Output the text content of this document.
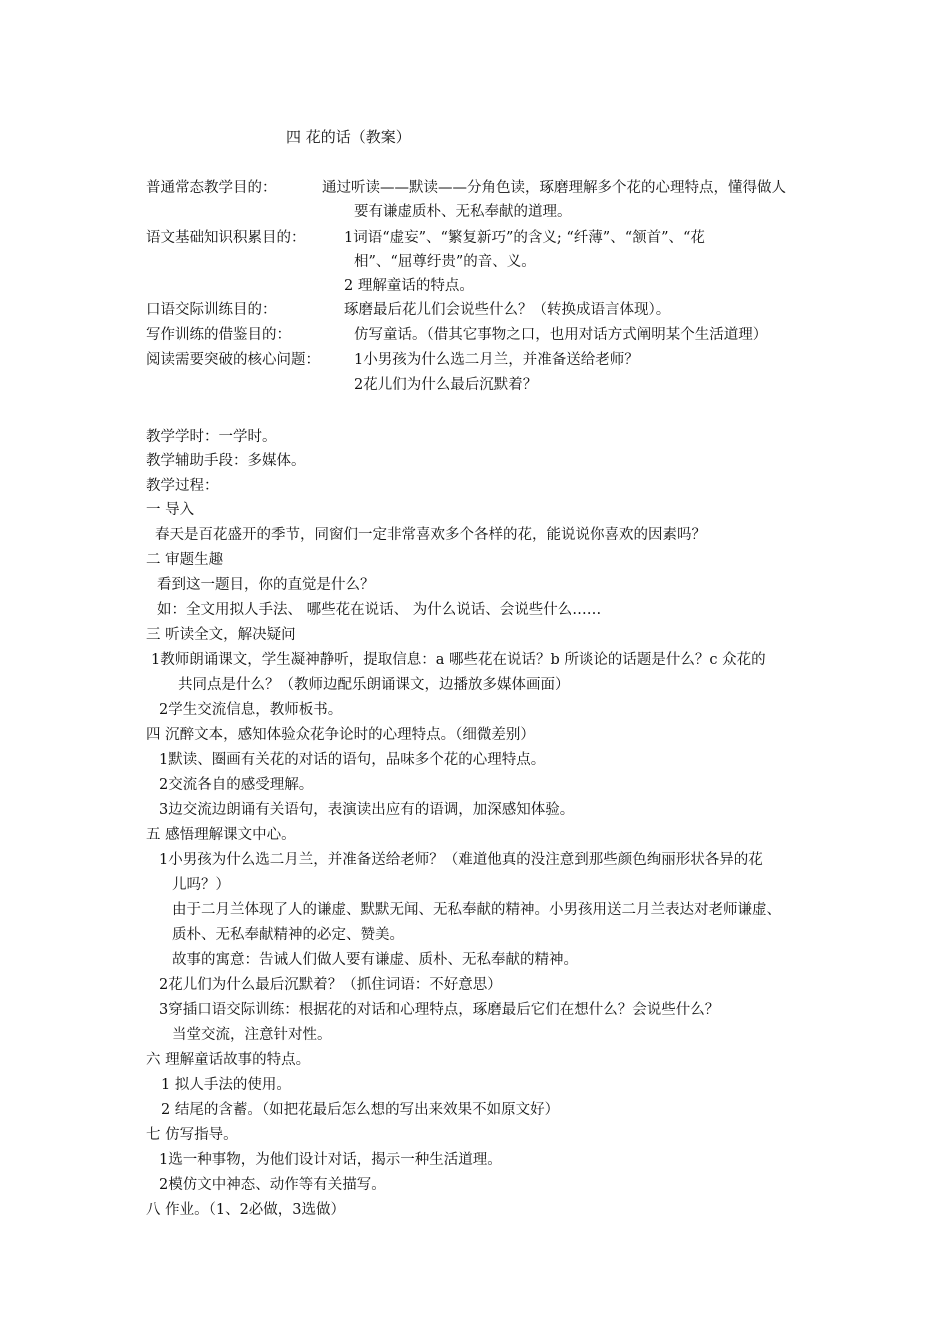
四 花的话（教案）
普通常态教学目的：	通过听读——默读——分角色读，琢磨理解多个花的心理特点，懂得做人
要有谦虚质朴、无私奉献的道理。
语文基础知识积累目的：	1词语“虚妄”、“繁复新巧”的含义; “纤薄”、“颔首”、“花
相”、“屈尊纡贵”的音、义。
2 理解童话的特点。
口语交际训练目的：	琢磨最后花儿们会说些什么？（转换成语言体现）。
写作训练的借鉴目的：	仿写童话。（借其它事物之口，也用对话方式阐明某个生活道理）
阅读需要突破的核心问题： 1小男孩为什么选二月兰，并准备送给老师？
2花儿们为什么最后沉默着？
教学学时：一学时。
教学辅助手段：多媒体。
教学过程：
一 导入
春天是百花盛开的季节，同窗们一定非常喜欢多个各样的花，能说说你喜欢的因素吗？
二 审题生趣
看到这一题目，你的直觉是什么？
如：全文用拟人手法、 哪些花在说话、 为什么说话、会说些什么……
三 听读全文，解决疑问
1教师朗诵课文，学生凝神静听，提取信息：a 哪些花在说话？b 所谈论的话题是什么？c 众花的
共同点是什么？（教师边配乐朗诵课文，边播放多媒体画面）
2学生交流信息，教师板书。
四 沉醉文本，感知体验众花争论时的心理特点。（细微差别）
1默读、圈画有关花的对话的语句，品味多个花的心理特点。
2交流各自的感受理解。
3边交流边朗诵有关语句，表演读出应有的语调，加深感知体验。
五 感悟理解课文中心。
1小男孩为什么选二月兰，并准备送给老师？（难道他真的没注意到那些颜色绚丽形状各异的花
儿吗？）
由于二月兰体现了人的谦虚、默默无闻、无私奉献的精神。小男孩用送二月兰表达对老师谦虚、
质朴、无私奉献精神的必定、赞美。
故事的寓意：告诫人们做人要有谦虚、质朴、无私奉献的精神。
2花儿们为什么最后沉默着？（抓住词语：不好意思）
3穿插口语交际训练：根据花的对话和心理特点，琢磨最后它们在想什么？会说些什么？
当堂交流，注意针对性。
六 理解童话故事的特点。
1 拟人手法的使用。
2 结尾的含蓄。（如把花最后怎么想的写出来效果不如原文好）
七 仿写指导。
1选一种事物，为他们设计对话，揭示一种生活道理。
2模仿文中神态、动作等有关描写。
八 作业。（1、2必做，3选做）
